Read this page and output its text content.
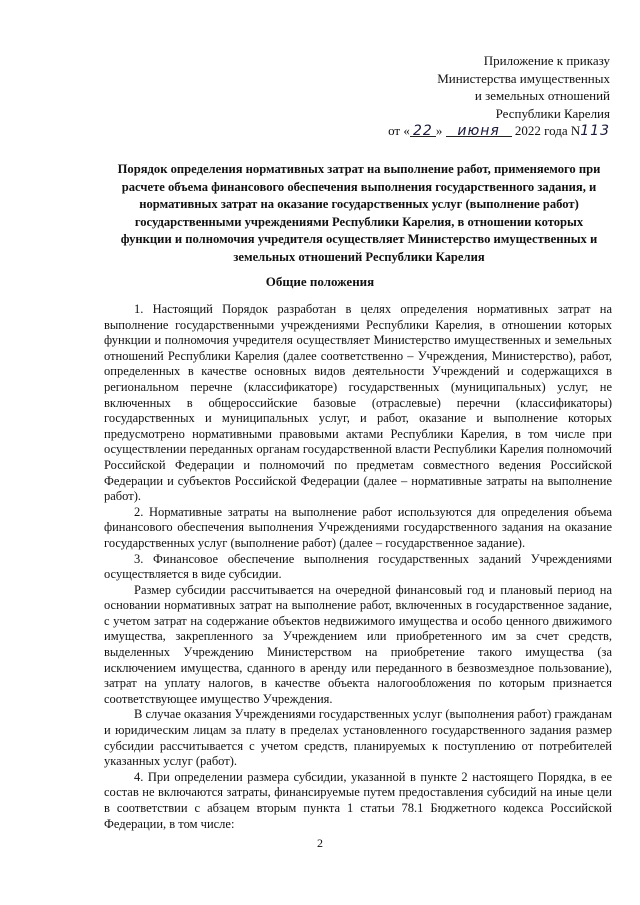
Приложение к приказу
Министерства имущественных
и земельных отношений
Республики Карелия
от « 22 » июня 2022 года N113
Порядок определения нормативных затрат на выполнение работ, применяемого при
расчете объема финансового обеспечения выполнения государственного задания, и
нормативных затрат на оказание государственных услуг (выполнение работ)
государственными учреждениями Республики Карелия, в отношении которых
функции и полномочия учредителя осуществляет Министерство имущественных и
земельных отношений Республики Карелия
Общие положения

1. Настоящий Порядок разработан в целях определения нормативных затрат на выполнение государственными учреждениями Республики Карелия, в отношении которых функции и полномочия учредителя осуществляет Министерство имущественных и земельных отношений Республики Карелия (далее соответственно – Учреждения, Министерство), работ, определенных в качестве основных видов деятельности Учреждений и содержащихся в региональном перечне (классификаторе) государственных (муниципальных) услуг, не включенных в общероссийские базовые (отраслевые) перечни (классификаторы) государственных и муниципальных услуг, и работ, оказание и выполнение которых предусмотрено нормативными правовыми актами Республики Карелия, в том числе при осуществлении переданных органам государственной власти Республики Карелия полномочий Российской Федерации и полномочий по предметам совместного ведения Российской Федерации и субъектов Российской Федерации (далее – нормативные затраты на выполнение работ).

2. Нормативные затраты на выполнение работ используются для определения объема финансового обеспечения выполнения Учреждениями государственного задания на оказание государственных услуг (выполнение работ) (далее – государственное задание).

3. Финансовое обеспечение выполнения государственных заданий Учреждениями осуществляется в виде субсидии.

Размер субсидии рассчитывается на очередной финансовый год и плановый период на основании нормативных затрат на выполнение работ, включенных в государственное задание, с учетом затрат на содержание объектов недвижимого имущества и особо ценного движимого имущества, закрепленного за Учреждением или приобретенного им за счет средств, выделенных Учреждению Министерством на приобретение такого имущества (за исключением имущества, сданного в аренду или переданного в безвозмездное пользование), затрат на уплату налогов, в качестве объекта налогообложения по которым признается соответствующее имущество Учреждения.

В случае оказания Учреждениями государственных услуг (выполнения работ) гражданам и юридическим лицам за плату в пределах установленного государственного задания размер субсидии рассчитывается с учетом средств, планируемых к поступлению от потребителей указанных услуг (работ).

4. При определении размера субсидии, указанной в пункте 2 настоящего Порядка, в ее состав не включаются затраты, финансируемые путем предоставления субсидий на иные цели в соответствии с абзацем вторым пункта 1 статьи 78.1 Бюджетного кодекса Российской Федерации, в том числе:

2
